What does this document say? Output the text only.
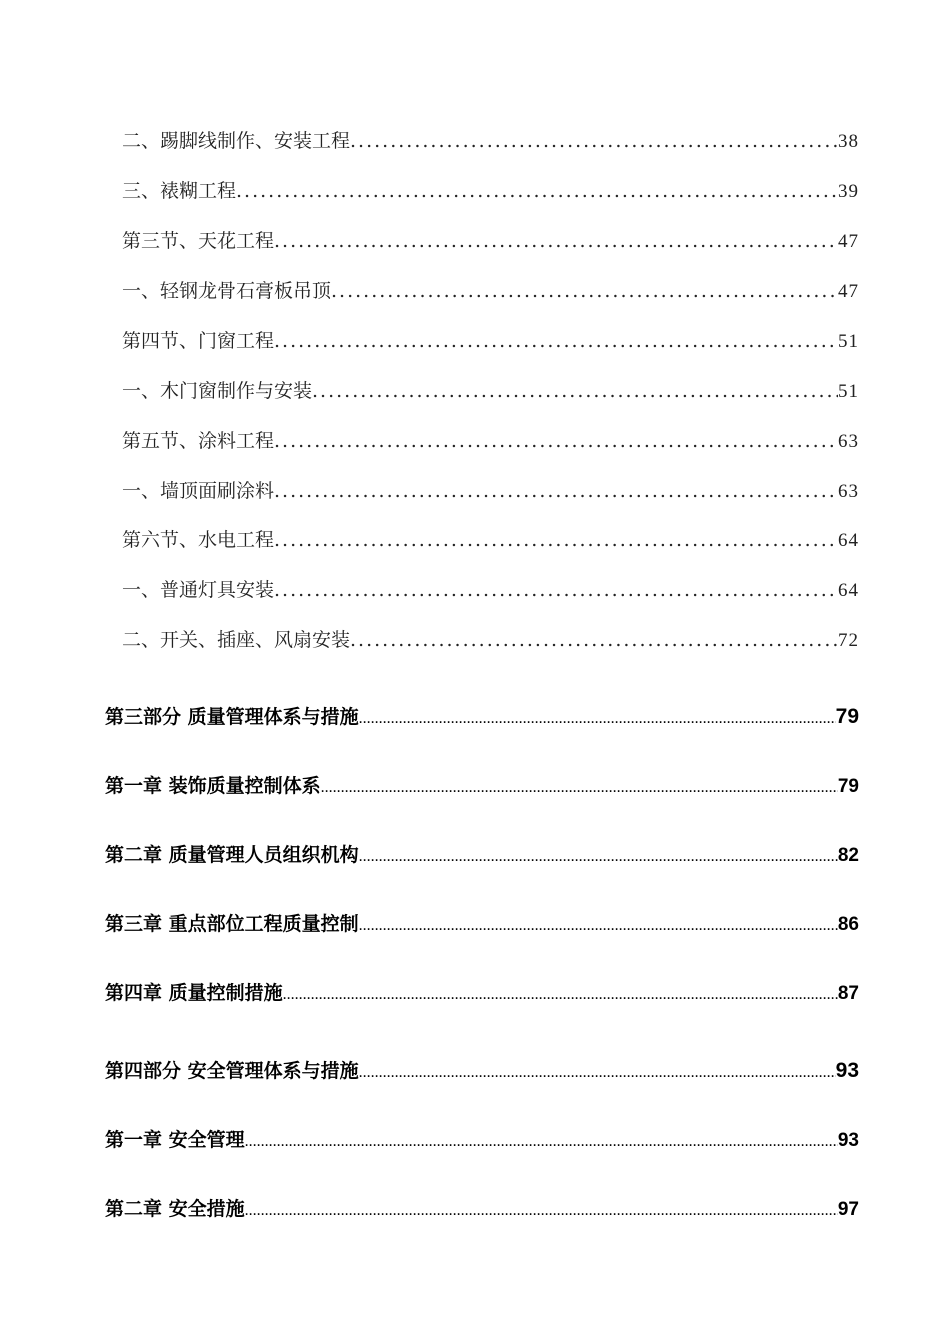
二、踢脚线制作、安装工程 .....	38
三、裱糊工程 .....	39
第三节、天花工程 .....	47
一、轻钢龙骨石膏板吊顶 .....	47
第四节、门窗工程 .....	51
一、木门窗制作与安装 .....	51
第五节、涂料工程 .....	63
一、墙顶面刷涂料 .....	63
第六节、水电工程 .....	64
一、普通灯具安装 .....	64
二、开关、插座、风扇安装 .....	72
第三部分 质量管理体系与措施 .....	79
第一章 装饰质量控制体系 .....	79
第二章 质量管理人员组织机构 .....	82
第三章 重点部位工程质量控制 .....	86
第四章 质量控制措施 .....	87
第四部分 安全管理体系与措施 .....	93
第一章 安全管理 .....	93
第二章 安全措施 .....	97
